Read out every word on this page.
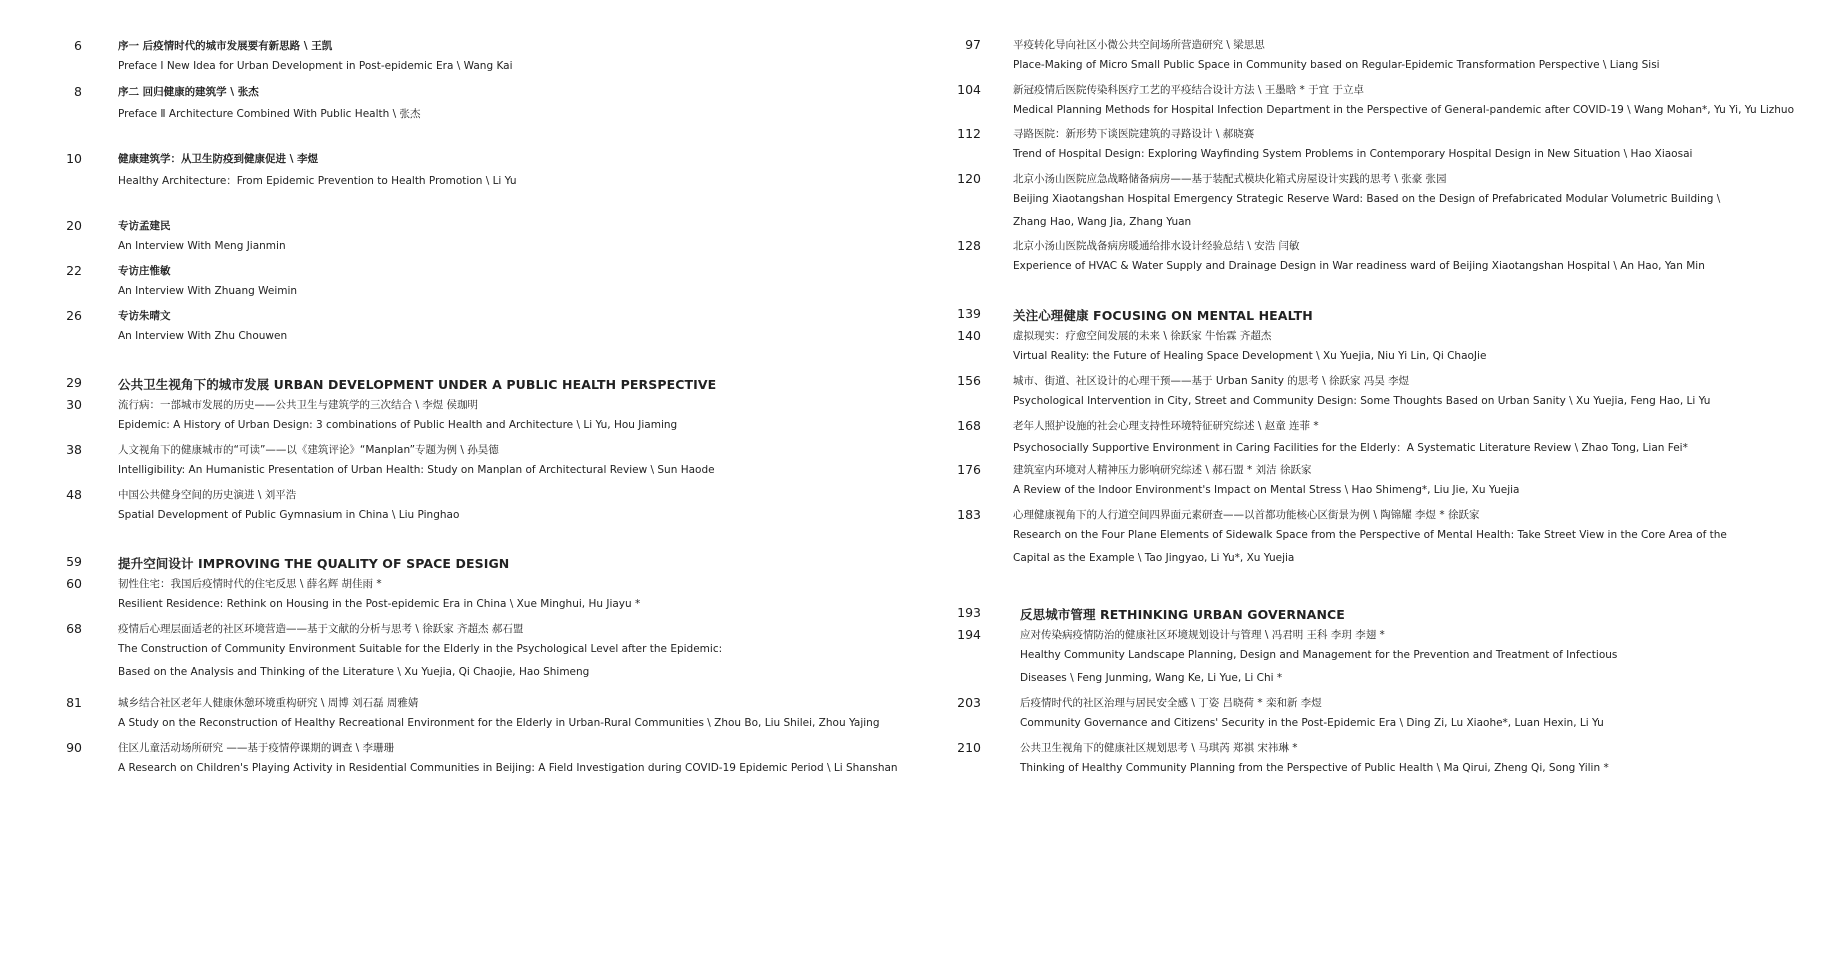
6	序一 后疫情时代的城市发展要有新思路 \ 王凯
Preface Ⅰ New Idea for Urban Development in Post-epidemic Era \ Wang Kai
8	序二 回归健康的建筑学 \ 张杰
Preface Ⅱ Architecture Combined With Public Health \ 张杰
10	健康建筑学：从卫生防疫到健康促进 \ 李煜
Healthy Architecture：From Epidemic Prevention to Health Promotion \ Li Yu
20	专访孟建民
An Interview With Meng Jianmin
22	专访庄惟敏
An Interview With Zhuang Weimin
26	专访朱晴文
An Interview With Zhu Chouwen
29	公共卫生视角下的城市发展 URBAN DEVELOPMENT UNDER A PUBLIC HEALTH PERSPECTIVE
30	流行病：一部城市发展的历史——公共卫生与建筑学的三次结合 \ 李煜 侯珈明
Epidemic: A History of Urban Design: 3 combinations of Public Health and Architecture \ Li Yu, Hou Jiaming
38	人文视角下的健康城市的“可读”——以《建筑评论》“Manplan”专题为例 \ 孙昊德
Intelligibility: An Humanistic Presentation of Urban Health: Study on Manplan of Architectural Review \ Sun Haode
48	中国公共健身空间的历史演进 \ 刘平浩
Spatial Development of Public Gymnasium in China \ Liu Pinghao
59	提升空间设计 IMPROVING THE QUALITY OF SPACE DESIGN
60	韧性住宅：我国后疫情时代的住宅反思 \ 薛名辉 胡佳雨 *
Resilient Residence: Rethink on Housing in the Post-epidemic Era in China \ Xue Minghui, Hu Jiayu *
68	疫情后心理层面适老的社区环境营造——基于文献的分析与思考 \ 徐跃家 齐超杰 郝石盟
The Construction of Community Environment Suitable for the Elderly in the Psychological Level after the Epidemic:
Based on the Analysis and Thinking of the Literature \ Xu Yuejia, Qi Chaojie, Hao Shimeng
81	城乡结合社区老年人健康休憩环境重构研究 \ 周博 刘石磊 周雅婧
A Study on the Reconstruction of Healthy Recreational Environment for the Elderly in Urban-Rural Communities \ Zhou Bo, Liu Shilei, Zhou Yajing
90	住区儿童活动场所研究 ——基于疫情停课期的调查 \ 李珊珊
A Research on Children's Playing Activity in Residential Communities in Beijing: A Field Investigation during COVID-19 Epidemic Period \ Li Shanshan
97	平疫转化导向社区小微公共空间场所营造研究 \ 梁思思
Place-Making of Micro Small Public Space in Community based on Regular-Epidemic Transformation Perspective \ Liang Sisi
104	新冠疫情后医院传染科医疗工艺的平疫结合设计方法 \ 王墨晗 * 于宜 于立卓
Medical Planning Methods for Hospital Infection Department in the Perspective of General-pandemic after COVID-19 \ Wang Mohan*, Yu Yi, Yu Lizhuo
112	寻路医院：新形势下谈医院建筑的寻路设计 \ 郝晓赛
Trend of Hospital Design: Exploring Wayfinding System Problems in Contemporary Hospital Design in New Situation \ Hao Xiaosai
120	北京小汤山医院应急战略储备病房——基于装配式模块化箱式房屋设计实践的思考 \ 张豪 张园
Beijing Xiaotangshan Hospital Emergency Strategic Reserve Ward: Based on the Design of Prefabricated Modular Volumetric Building \
Zhang Hao, Wang Jia, Zhang Yuan
128	北京小汤山医院战备病房暖通给排水设计经验总结 \ 安浩 闫敏
Experience of HVAC & Water Supply and Drainage Design in War readiness ward of Beijing Xiaotangshan Hospital \ An Hao, Yan Min
139	关注心理健康 FOCUSING ON MENTAL HEALTH
140	虚拟现实：疗愈空间发展的未来 \ 徐跃家 牛怡霖 齐超杰
Virtual Reality: the Future of Healing Space Development \ Xu Yuejia, Niu Yi Lin, Qi ChaoJie
156	城市、街道、社区设计的心理干预——基于 Urban Sanity 的思考 \ 徐跃家 冯昊 李煜
Psychological Intervention in City, Street and Community Design: Some Thoughts Based on Urban Sanity \ Xu Yuejia, Feng Hao, Li Yu
168	老年人照护设施的社会心理支持性环境特征研究综述 \ 赵童 连菲 *
Psychosocially Supportive Environment in Caring Facilities for the Elderly：A Systematic Literature Review \ Zhao Tong, Lian Fei*
176	建筑室内环境对人精神压力影响研究综述 \ 郝石盟 * 刘洁 徐跃家
A Review of the Indoor Environment's Impact on Mental Stress \ Hao Shimeng*, Liu Jie, Xu Yuejia
183	心理健康视角下的人行道空间四界面元素研查——以首都功能核心区街景为例 \ 陶锦耀 李煜 * 徐跃家
Research on the Four Plane Elements of Sidewalk Space from the Perspective of Mental Health: Take Street View in the Core Area of the
Capital as the Example \ Tao Jingyao, Li Yu*, Xu Yuejia
193	反思城市管理 RETHINKING URBAN GOVERNANCE
194	应对传染病疫情防治的健康社区环境规划设计与管理 \ 冯君明 王科 李玥 李翅 *
Healthy Community Landscape Planning, Design and Management for the Prevention and Treatment of Infectious
Diseases \ Feng Junming, Wang Ke, Li Yue, Li Chi *
203	后疫情时代的社区治理与居民安全感 \ 丁姿 吕晓荷 * 栾和新 李煜
Community Governance and Citizens' Security in the Post-Epidemic Era \ Ding Zi, Lu Xiaohe*, Luan Hexin, Li Yu
210	公共卫生视角下的健康社区规划思考 \ 马琪芮 郑祺 宋祎琳 *
Thinking of Healthy Community Planning from the Perspective of Public Health \ Ma Qirui, Zheng Qi, Song Yilin *
